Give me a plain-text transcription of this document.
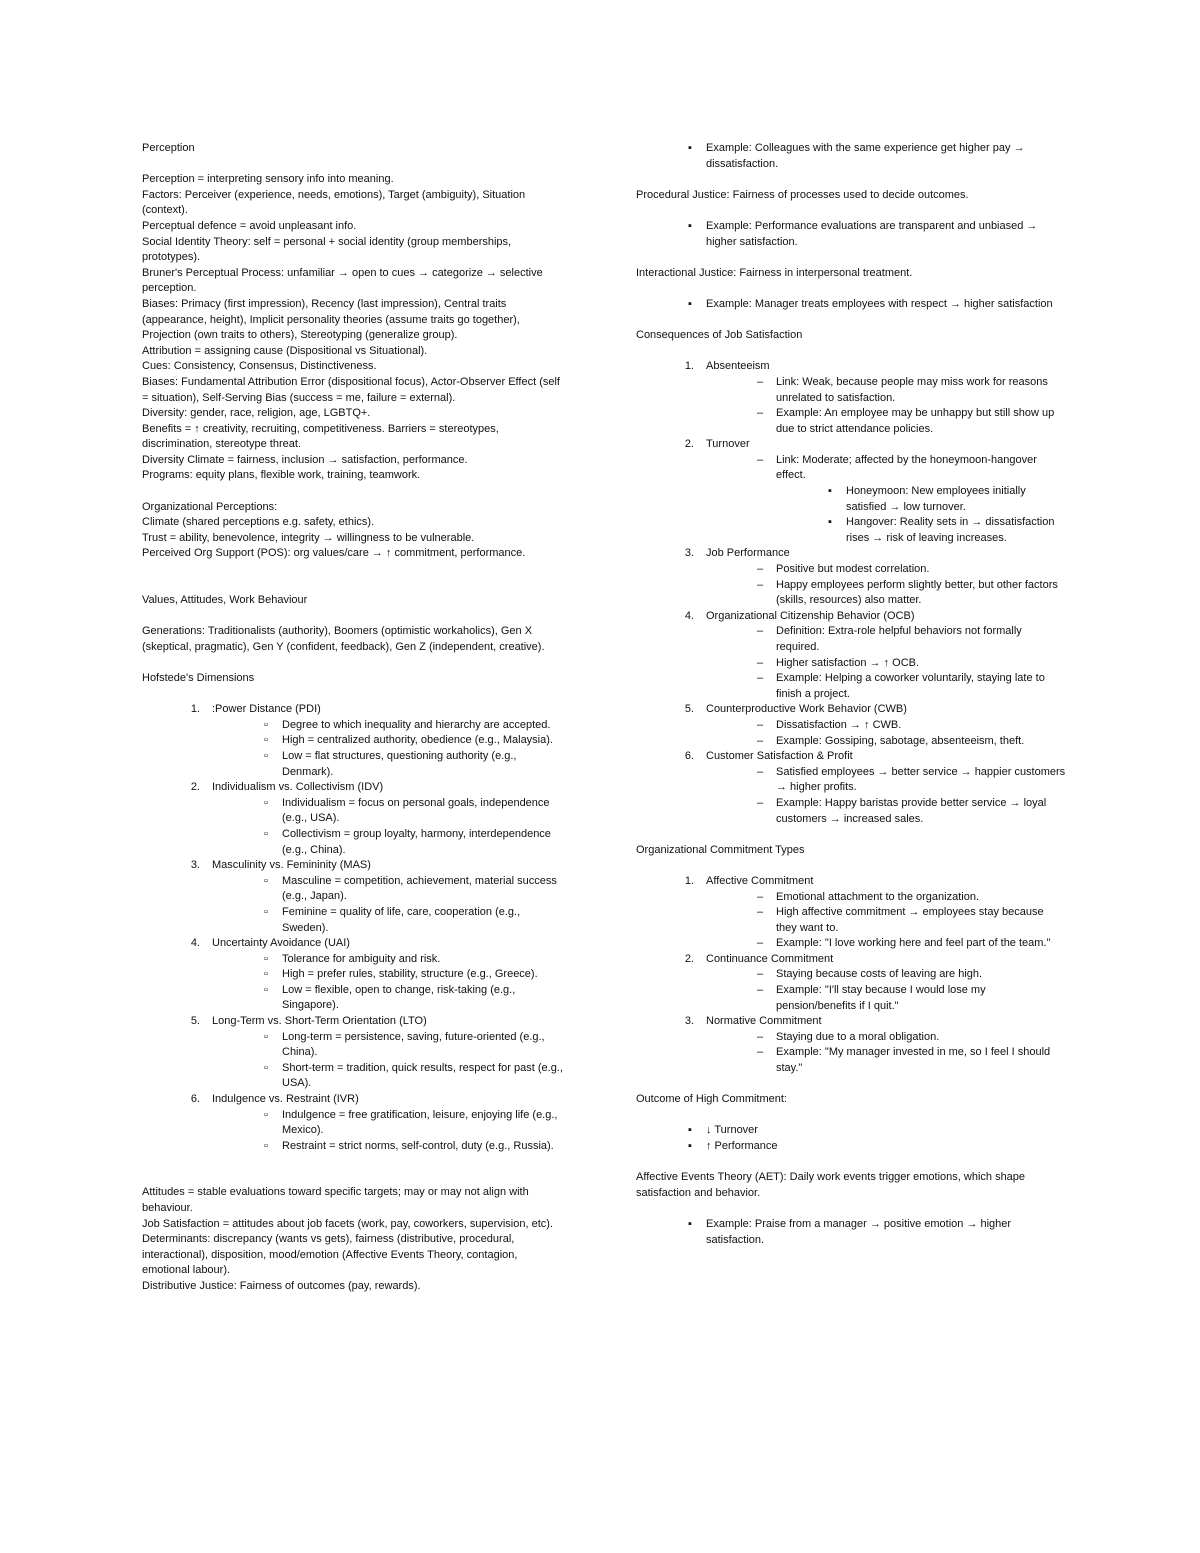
Perception

Perception = interpreting sensory info into meaning.

Factors: Perceiver (experience, needs, emotions), Target (ambiguity), Situation (context).

Perceptual defence = avoid unpleasant info.

Social Identity Theory: self = personal + social identity (group memberships, prototypes).

Bruner's Perceptual Process: unfamiliar → open to cues → categorize → selective perception.

Biases: Primacy (first impression), Recency (last impression), Central traits (appearance, height), Implicit personality theories (assume traits go together), Projection (own traits to others), Stereotyping (generalize group).

Attribution = assigning cause (Dispositional vs Situational).

Cues: Consistency, Consensus, Distinctiveness.

Biases: Fundamental Attribution Error (dispositional focus), Actor-Observer Effect (self = situation), Self-Serving Bias (success = me, failure = external).

Diversity: gender, race, religion, age, LGBTQ+.

Benefits = ↑ creativity, recruiting, competitiveness. Barriers = stereotypes, discrimination, stereotype threat.

Diversity Climate = fairness, inclusion → satisfaction, performance.

Programs: equity plans, flexible work, training, teamwork.

Organizational Perceptions:

Climate (shared perceptions e.g. safety, ethics).

Trust = ability, benevolence, integrity → willingness to be vulnerable.

Perceived Org Support (POS): org values/care → ↑ commitment, performance.

Values, Attitudes, Work Behaviour

Generations: Traditionalists (authority), Boomers (optimistic workaholics), Gen X (skeptical, pragmatic), Gen Y (confident, feedback), Gen Z (independent, creative).

Hofstede's Dimensions

1. :Power Distance (PDI)
▫	Degree to which inequality and hierarchy are accepted.
▫	High = centralized authority, obedience (e.g., Malaysia).
▫	Low = flat structures, questioning authority (e.g., Denmark).
2. Individualism vs. Collectivism (IDV)
▫	Individualism = focus on personal goals, independence (e.g., USA).
▫	Collectivism = group loyalty, harmony, interdependence (e.g., China).
3. Masculinity vs. Femininity (MAS)
▫	Masculine = competition, achievement, material success (e.g., Japan).
▫	Feminine = quality of life, care, cooperation (e.g., Sweden).
4. Uncertainty Avoidance (UAI)
▫	Tolerance for ambiguity and risk.
▫	High = prefer rules, stability, structure (e.g., Greece).
▫	Low = flexible, open to change, risk-taking (e.g., Singapore).
5. Long-Term vs. Short-Term Orientation (LTO)
▫	Long-term = persistence, saving, future-oriented (e.g., China).
▫	Short-term = tradition, quick results, respect for past (e.g., USA).
6. Indulgence vs. Restraint (IVR)
▫	Indulgence = free gratification, leisure, enjoying life (e.g., Mexico).
▫	Restraint = strict norms, self-control, duty (e.g., Russia).

Attitudes = stable evaluations toward specific targets; may or may not align with behaviour.

Job Satisfaction = attitudes about job facets (work, pay, coworkers, supervision, etc).

Determinants: discrepancy (wants vs gets), fairness (distributive, procedural, interactional), disposition, mood/emotion (Affective Events Theory, contagion, emotional labour).

Distributive Justice: Fairness of outcomes (pay, rewards).

▪	Example: Colleagues with the same experience get higher pay → dissatisfaction.

Procedural Justice: Fairness of processes used to decide outcomes.

▪	Example: Performance evaluations are transparent and unbiased → higher satisfaction.

Interactional Justice: Fairness in interpersonal treatment.

▪	Example: Manager treats employees with respect → higher satisfaction

Consequences of Job Satisfaction

1. Absenteeism
– Link: Weak, because people may miss work for reasons unrelated to satisfaction.
– Example: An employee may be unhappy but still show up due to strict attendance policies.
2. Turnover
– Link: Moderate; affected by the honeymoon-hangover effect.
▪	Honeymoon: New employees initially satisfied → low turnover.
▪	Hangover: Reality sets in → dissatisfaction rises → risk of leaving increases.
3. Job Performance
– Positive but modest correlation.
– Happy employees perform slightly better, but other factors (skills, resources) also matter.
4. Organizational Citizenship Behavior (OCB)
– Definition: Extra-role helpful behaviors not formally required.
– Higher satisfaction → ↑ OCB.
– Example: Helping a coworker voluntarily, staying late to finish a project.
5. Counterproductive Work Behavior (CWB)
– Dissatisfaction → ↑ CWB.
– Example: Gossiping, sabotage, absenteeism, theft.
6. Customer Satisfaction & Profit
– Satisfied employees → better service → happier customers → higher profits.
– Example: Happy baristas provide better service → loyal customers → increased sales.

Organizational Commitment Types

1. Affective Commitment
– Emotional attachment to the organization.
– High affective commitment → employees stay because they want to.
– Example: "I love working here and feel part of the team."
2. Continuance Commitment
– Staying because costs of leaving are high.
– Example: "I'll stay because I would lose my pension/benefits if I quit."
3. Normative Commitment
– Staying due to a moral obligation.
– Example: "My manager invested in me, so I feel I should stay."

Outcome of High Commitment:

▪	↓ Turnover
▪	↑ Performance

Affective Events Theory (AET): Daily work events trigger emotions, which shape satisfaction and behavior.

▪	Example: Praise from a manager → positive emotion → higher satisfaction.
